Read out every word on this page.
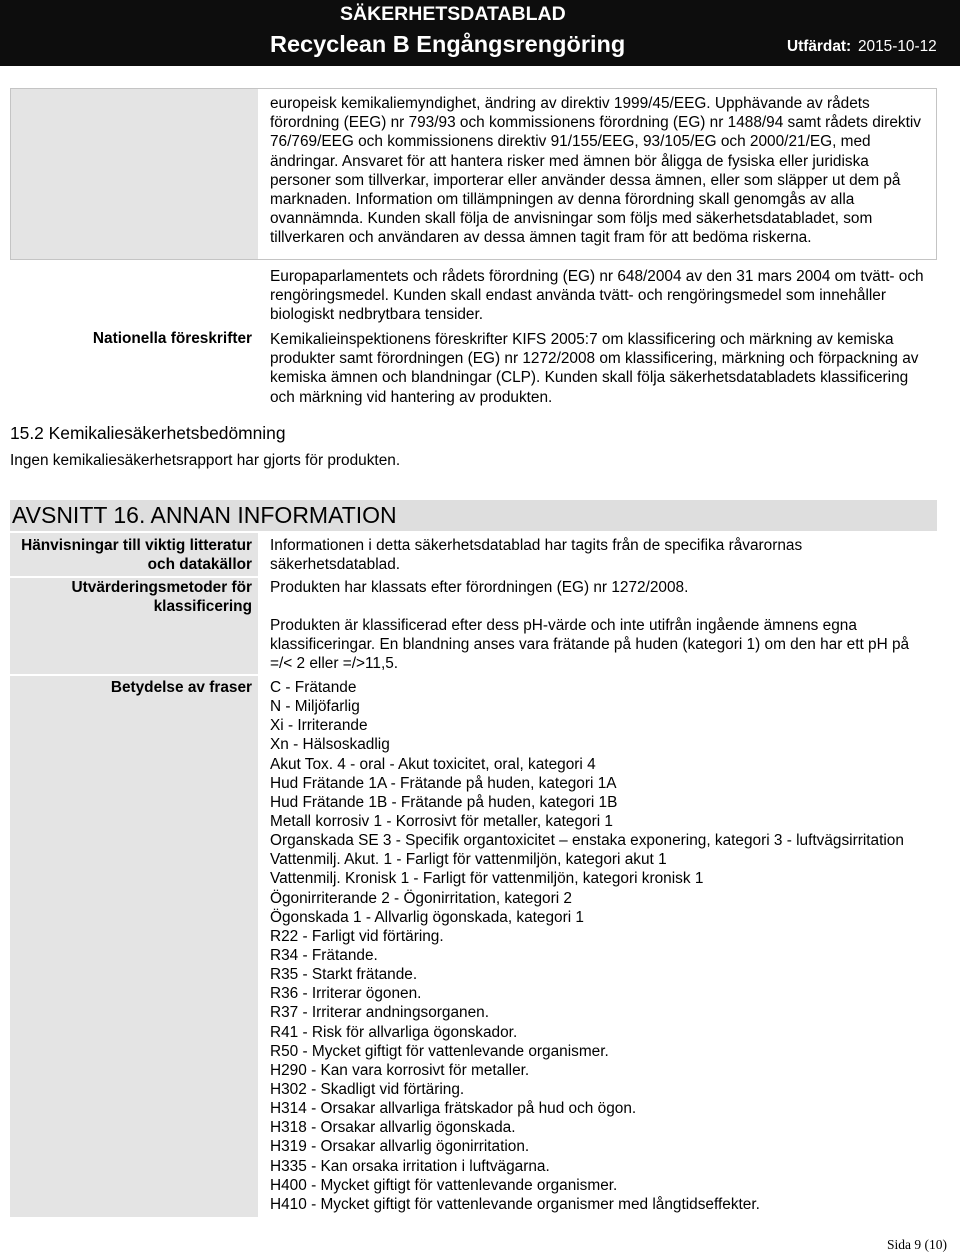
SÄKERHETSDATABLAD
Recyclean B Engångsrengöring	Utfärdat: 2015-10-12
europeisk kemikaliemyndighet, ändring av direktiv 1999/45/EEG. Upphävande av rådets
förordning (EEG) nr 793/93 och kommissionens förordning (EG) nr 1488/94 samt rådets direktiv
76/769/EEG och kommissionens direktiv 91/155/EEG, 93/105/EG och 2000/21/EG, med
ändringar. Ansvaret för att hantera risker med ämnen bör åligga de fysiska eller juridiska
personer som tillverkar, importerar eller använder dessa ämnen, eller som släpper ut dem på
marknaden. Information om tillämpningen av denna förordning skall genomgås av alla
ovannämnda. Kunden skall följa de anvisningar som följs med säkerhetsdatabladet, som
tillverkaren och användaren av dessa ämnen tagit fram för att bedöma riskerna.
Nationella föreskrifter
Europaparlamentets och rådets förordning (EG) nr 648/2004 av den 31 mars 2004 om tvätt- och
rengöringsmedel. Kunden skall endast använda tvätt- och rengöringsmedel som innehåller
biologiskt nedbrytbara tensider.
Kemikalieinspektionens föreskrifter KIFS 2005:7 om klassificering och märkning av kemiska
produkter samt förordningen (EG) nr 1272/2008 om klassificering, märkning och förpackning av
kemiska ämnen och blandningar (CLP). Kunden skall följa säkerhetsdatabladets klassificering
och märkning vid hantering av produkten.
15.2 Kemikaliesäkerhetsbedömning
Ingen kemikaliesäkerhetsrapport har gjorts för produkten.
AVSNITT 16. ANNAN INFORMATION
Hänvisningar till viktig litteratur
och datakällor
Informationen i detta säkerhetsdatablad har tagits från de specifika råvarornas
säkerhetsdatablad.
Utvärderingsmetoder för
klassificering
Produkten har klassats efter förordningen (EG) nr 1272/2008.
Produkten är klassificerad efter dess pH-värde och inte utifrån ingående ämnens egna
klassificeringar. En blandning anses vara frätande på huden (kategori 1) om den har ett pH på
=/< 2 eller =/>11,5.
Betydelse av fraser C - Frätande
N - Miljöfarlig
Xi - Irriterande
Xn - Hälsoskadlig
Akut Tox. 4 - oral - Akut toxicitet, oral, kategori 4
Hud Frätande 1A - Frätande på huden, kategori 1A
Hud Frätande 1B - Frätande på huden, kategori 1B
Metall korrosiv 1 - Korrosivt för metaller, kategori 1
Organskada SE 3 - Specifik organtoxicitet – enstaka exponering, kategori 3 - luftvägsirritation
Vattenmilj. Akut. 1 - Farligt för vattenmiljön, kategori akut 1
Vattenmilj. Kronisk 1 - Farligt för vattenmiljön, kategori kronisk 1
Ögonirriterande 2 - Ögonirritation, kategori 2
Ögonskada 1 - Allvarlig ögonskada, kategori 1
R22 - Farligt vid förtäring.
R34 - Frätande.
R35 - Starkt frätande.
R36 - Irriterar ögonen.
R37 - Irriterar andningsorganen.
R41 - Risk för allvarliga ögonskador.
R50 - Mycket giftigt för vattenlevande organismer.
H290 - Kan vara korrosivt för metaller.
H302 - Skadligt vid förtäring.
H314 - Orsakar allvarliga frätskador på hud och ögon.
H318 - Orsakar allvarlig ögonskada.
H319 - Orsakar allvarlig ögonirritation.
H335 - Kan orsaka irritation i luftvägarna.
H400 - Mycket giftigt för vattenlevande organismer.
H410 - Mycket giftigt för vattenlevande organismer med långtidseffekter.
Sida 9 (10)
